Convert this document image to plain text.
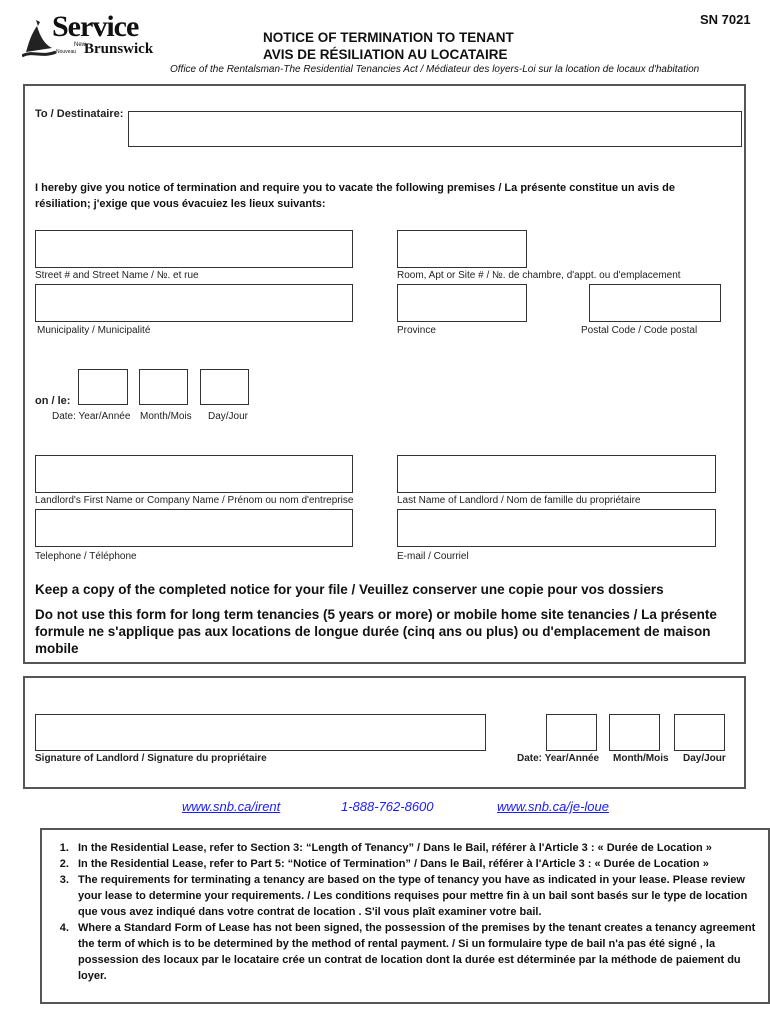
Service
New
Nouveau Brunswick
SN 7021
NOTICE OF TERMINATION TO TENANT
AVIS DE RÉSILIATION AU LOCATAIRE
Office of the Rentalsman-The Residential Tenancies Act / Médiateur des loyers-Loi sur la location de locaux d'habitation
To / Destinataire:
I hereby give you notice of termination and require you to vacate the following premises / La présente constitue un avis de résiliation; j'exige que vous évacuiez les lieux suivants:
Street # and Street Name / №. et rue	Room, Apt or Site # / №. de chambre, d'appt. ou d'emplacement
Municipality / Municipalité	Province	Postal Code / Code postal
on / le:
Date: Year/Année Month/Mois Day/Jour
Landlord's First Name or Company Name / Prénom ou nom d'entreprise	Last Name of Landlord / Nom de famille du propriétaire
Telephone / Téléphone	E-mail / Courriel
Keep a copy of the completed notice for your file / Veuillez conserver une copie pour vos dossiers
Do not use this form for long term tenancies (5 years or more) or mobile home site tenancies / La présente formule ne s'applique pas aux locations de longue durée (cinq ans ou plus) ou d'emplacement de maison mobile
Signature of Landlord / Signature du propriétaire	Date: Year/Année Month/Mois Day/Jour
www.snb.ca/irent	1-888-762-8600	www.snb.ca/je-loue
1. In the Residential Lease, refer to Section 3: “Length of Tenancy” / Dans le Bail, référer à l'Article 3 : « Durée de Location »
2. In the Residential Lease, refer to Part 5: “Notice of Termination” / Dans le Bail, référer à l'Article 3 : « Durée de Location »
3. The requirements for terminating a tenancy are based on the type of tenancy you have as indicated in your lease. Please review your lease to determine your requirements. / Les conditions requises pour mettre fin à un bail sont basés sur le type de location que vous avez indiqué dans votre contrat de location . S'il vous plaît examiner votre bail.
4. Where a Standard Form of Lease has not been signed, the possession of the premises by the tenant creates a tenancy agreement the term of which is to be determined by the method of rental payment. / Si un formulaire type de bail n'a pas été signé , la possession des locaux par le locataire crée un contrat de location dont la durée est déterminée par la méthode de paiement du loyer.
